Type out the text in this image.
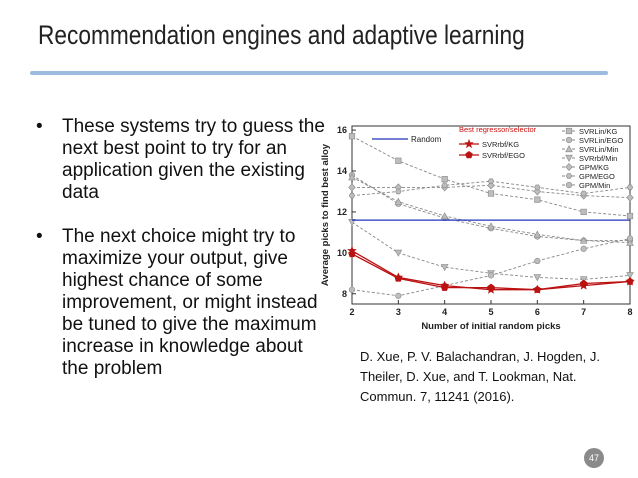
Recommendation engines and adaptive learning
• These systems try to guess the next best point to try for an application given the existing data
• The next choice might try to maximize your output, give highest chance of some improvement, or might instead be tuned to give the maximum increase in knowledge about the problem
2	3	4	5	6	7	8
8
10
12
14
16
Number of initial random picks
Average picks to find best alloy
Random
Best regressor/selector
SVRrbf/KG
SVRrbf/EGO
SVRLin/KG
SVRLin/EGO
SVRLin/Min
SVRrbf/Min
GPM/KG
GPM/EGO
GPM/Min
D. Xue, P. V. Balachandran, J. Hogden, J. Theiler, D. Xue, and T. Lookman, Nat. Commun. 7, 11241 (2016).
47
